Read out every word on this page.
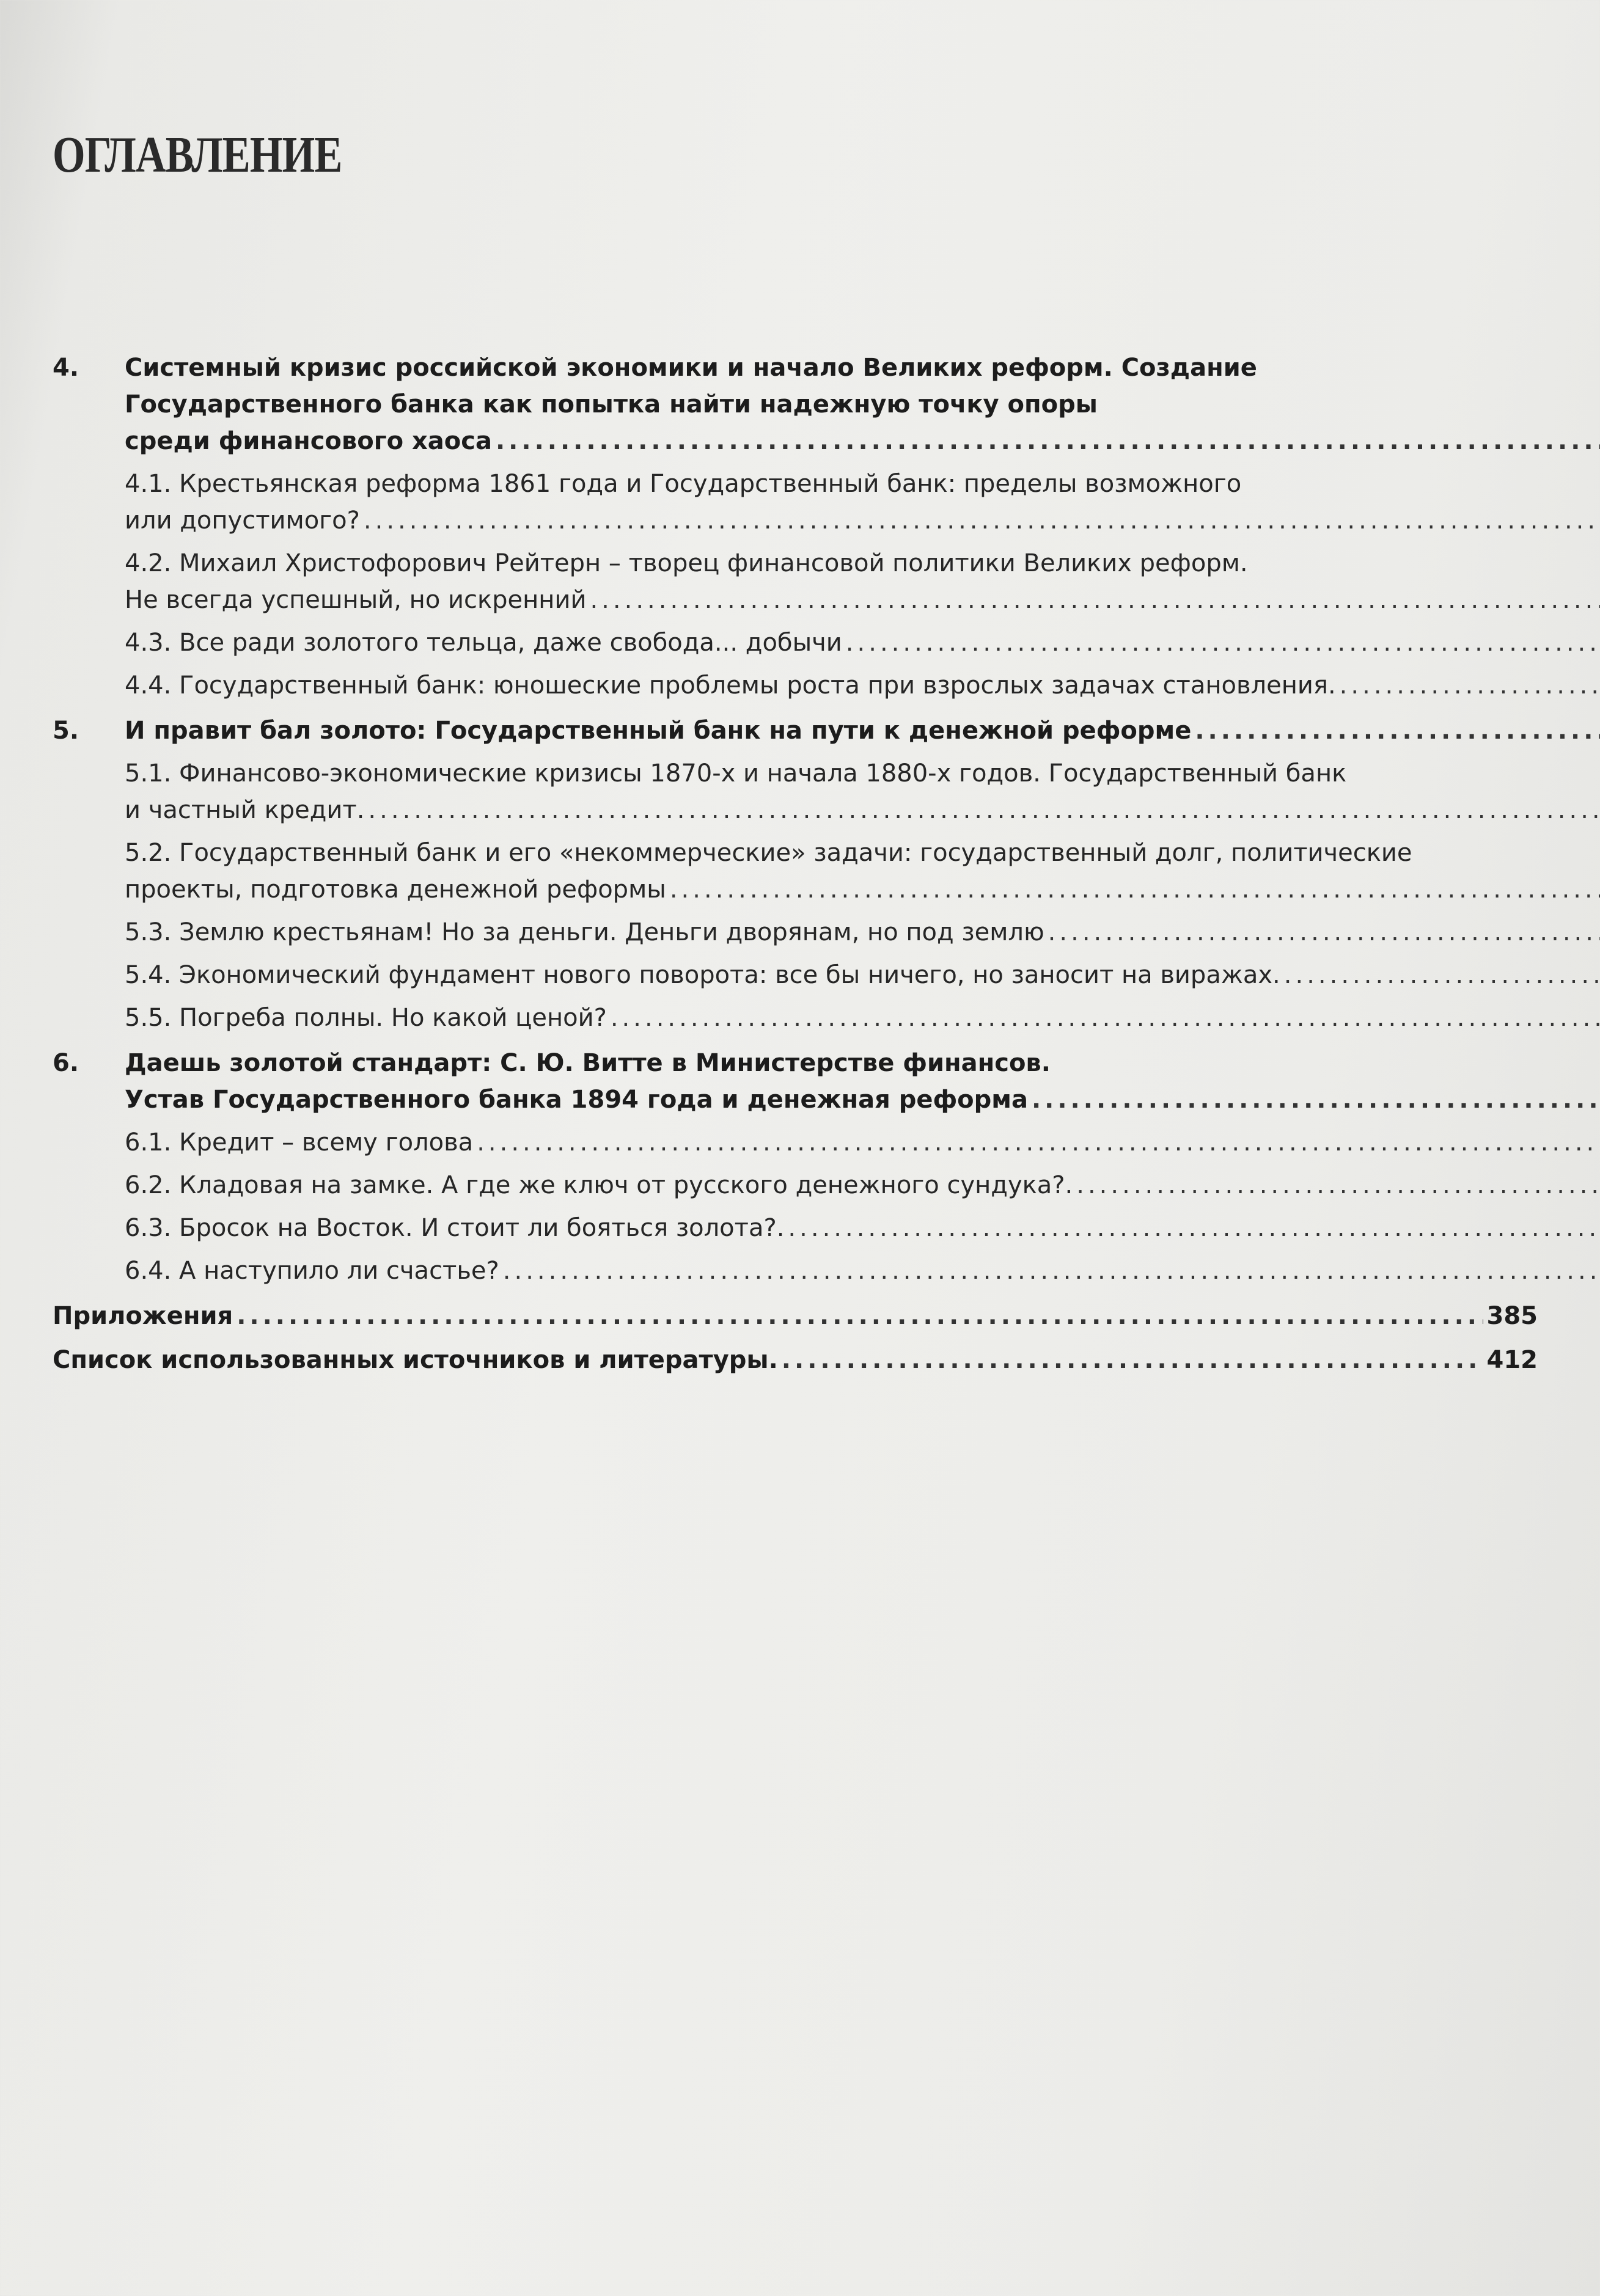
ОГЛАВЛЕНИЕ
4.	Системный кризис российской экономики и начало Великих реформ. Создание
Государственного банка как попытка найти надежную точку опоры
среди финансового хаоса
.....
4.1. Крестьянская реформа 1861 года и Государственный банк: пределы возможного
или допустимого?
.....
4.2. Михаил Христофорович Рейтерн – творец финансовой политики Великих реформ.
Не всегда успешный, но искренний
.....
4.3. Все ради золотого тельца, даже свобода... добычи
.....
4.4. Государственный банк: юношеские проблемы роста при взрослых задачах становления.
.....
5.	И правит бал золото: Государственный банк на пути к денежной реформе
.....
5.1. Финансово-экономические кризисы 1870-х и начала 1880-х годов. Государственный банк
и частный кредит.
.....
5.2. Государственный банк и его «некоммерческие» задачи: государственный долг, политические
проекты, подготовка денежной реформы
.....
5.3. Землю крестьянам! Но за деньги. Деньги дворянам, но под землю
.....
5.4. Экономический фундамент нового поворота: все бы ничего, но заносит на виражах.
.....
5.5. Погреба полны. Но какой ценой?
.....
6.	Даешь золотой стандарт: С. Ю. Витте в Министерстве финансов.
Устав Государственного банка 1894 года и денежная реформа
.....
6.1. Кредит – всему голова
.....
6.2. Кладовая на замке. А где же ключ от русского денежного сундука?.
.....
6.3. Бросок на Восток. И стоит ли бояться золота?.
.....
6.4. А наступило ли счастье?
.....
Приложения .....	385
Список использованных источников и литературы. .....	412
